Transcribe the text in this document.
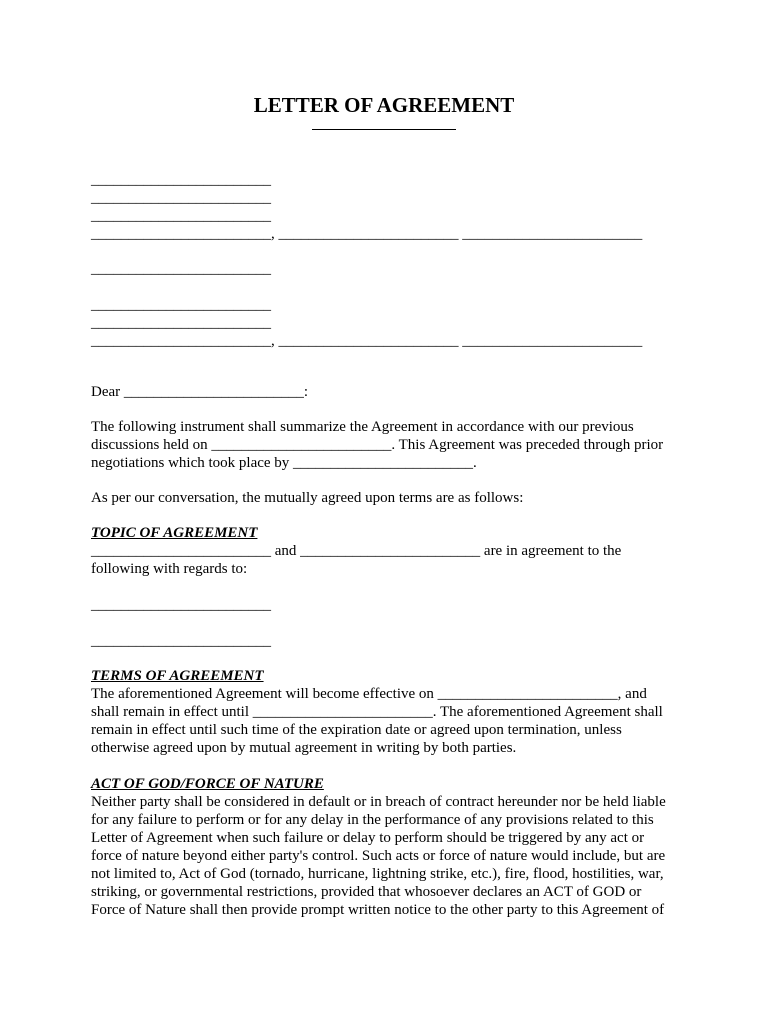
LETTER OF AGREEMENT

________________________

________________________

________________________

________________________, ________________________ ________________________

________________________

________________________

________________________

________________________, ________________________ ________________________

Dear ________________________:

The following instrument shall summarize the Agreement in accordance with our previous

discussions held on ________________________. This Agreement was preceded through prior

negotiations which took place by ________________________.

As per our conversation, the mutually agreed upon terms are as follows:

TOPIC OF AGREEMENT

________________________ and ________________________ are in agreement to the

following with regards to:

________________________

________________________

TERMS OF AGREEMENT

The aforementioned Agreement will become effective on ________________________, and

shall remain in effect until ________________________. The aforementioned Agreement shall

remain in effect until such time of the expiration date or agreed upon termination, unless

otherwise agreed upon by mutual agreement in writing by both parties.

ACT OF GOD/FORCE OF NATURE

Neither party shall be considered in default or in breach of contract hereunder nor be held liable

for any failure to perform or for any delay in the performance of any provisions related to this

Letter of Agreement when such failure or delay to perform should be triggered by any act or

force of nature beyond either party's control. Such acts or force of nature would include, but are

not limited to, Act of God (tornado, hurricane, lightning strike, etc.), fire, flood, hostilities, war,

striking, or governmental restrictions, provided that whosoever declares an ACT of GOD or

Force of Nature shall then provide prompt written notice to the other party to this Agreement of
